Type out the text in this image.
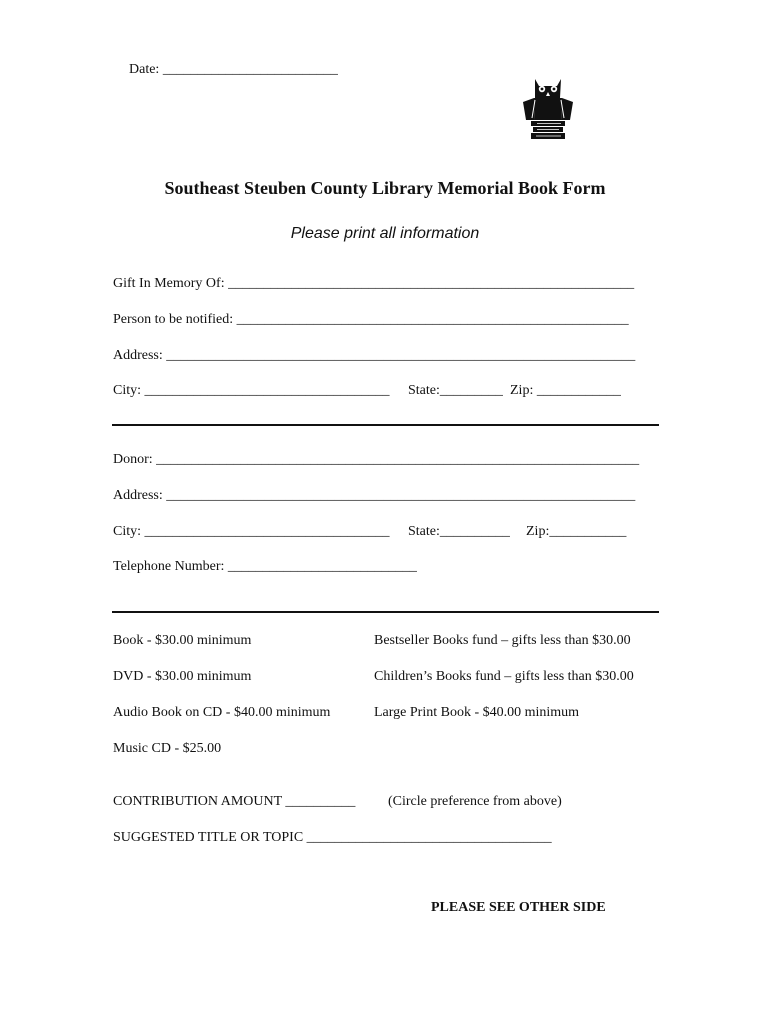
Date: _________________________
Southeast Steuben County Library Memorial Book Form
Please print all information
Gift In Memory Of: __________________________________________________________
Person to be notified: ________________________________________________________
Address: ___________________________________________________________________
City: ___________________________________ State:_________ Zip: ____________
Donor: _____________________________________________________________________
Address: ___________________________________________________________________
City: ___________________________________ State:__________ Zip:___________
Telephone Number: ___________________________
Book - $30.00 minimum
DVD - $30.00 minimum
Audio Book on CD - $40.00 minimum
Music CD - $25.00
Bestseller Books fund – gifts less than $30.00
Children’s Books fund – gifts less than $30.00
Large Print Book - $40.00 minimum
CONTRIBUTION AMOUNT __________ (Circle preference from above)
SUGGESTED TITLE OR TOPIC ___________________________________
PLEASE SEE OTHER SIDE
